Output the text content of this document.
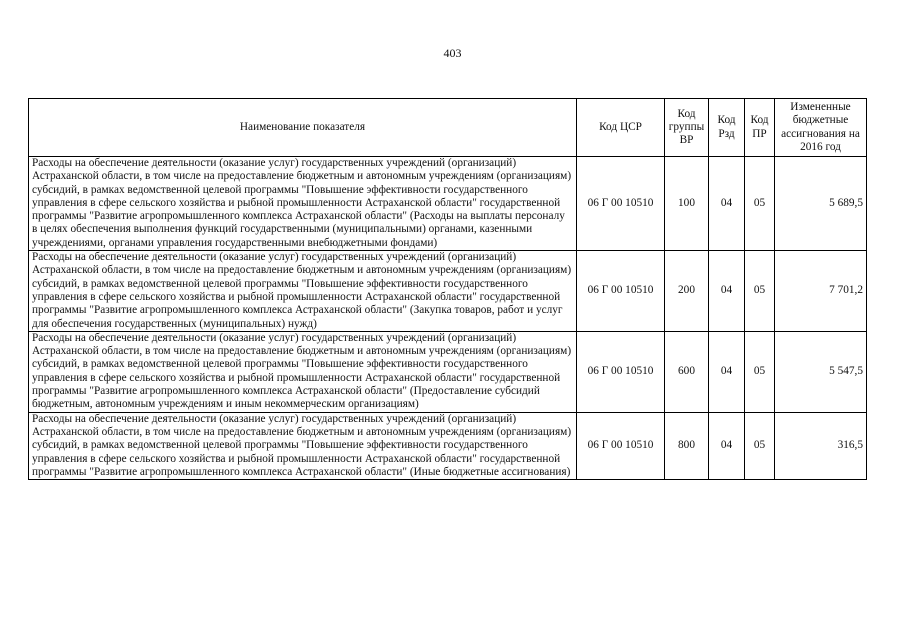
403
Наименование показателя	Код ЦСР	Код группы ВР	Код Рзд	Код ПР	Измененные бюджетные ассигнования на 2016 год
Расходы на обеспечение деятельности (оказание услуг) государственных учреждений (организаций) Астраханской области, в том числе на предоставление бюджетным и автономным учреждениям (организациям) субсидий, в рамках ведомственной целевой программы "Повышение эффективности государственного управления в сфере сельского хозяйства и рыбной промышленности Астраханской области" государственной программы "Развитие агропромышленного комплекса Астраханской области" (Расходы на выплаты персоналу в целях обеспечения выполнения функций государственными (муниципальными) органами, казенными учреждениями, органами управления государственными внебюджетными фондами)	06 Г 00 10510	100	04	05	5 689,5
Расходы на обеспечение деятельности (оказание услуг) государственных учреждений (организаций) Астраханской области, в том числе на предоставление бюджетным и автономным учреждениям (организациям) субсидий, в рамках ведомственной целевой программы "Повышение эффективности государственного управления в сфере сельского хозяйства и рыбной промышленности Астраханской области" государственной программы "Развитие агропромышленного комплекса Астраханской области" (Закупка товаров, работ и услуг для обеспечения государственных (муниципальных) нужд)	06 Г 00 10510	200	04	05	7 701,2
Расходы на обеспечение деятельности (оказание услуг) государственных учреждений (организаций) Астраханской области, в том числе на предоставление бюджетным и автономным учреждениям (организациям) субсидий, в рамках ведомственной целевой программы "Повышение эффективности государственного управления в сфере сельского хозяйства и рыбной промышленности Астраханской области" государственной программы "Развитие агропромышленного комплекса Астраханской области" (Предоставление субсидий бюджетным, автономным учреждениям и иным некоммерческим организациям)	06 Г 00 10510	600	04	05	5 547,5
Расходы на обеспечение деятельности (оказание услуг) государственных учреждений (организаций) Астраханской области, в том числе на предоставление бюджетным и автономным учреждениям (организациям) субсидий, в рамках ведомственной целевой программы "Повышение эффективности государственного управления в сфере сельского хозяйства и рыбной промышленности Астраханской области" государственной программы "Развитие агропромышленного комплекса Астраханской области" (Иные бюджетные ассигнования)	06 Г 00 10510	800	04	05	316,5
